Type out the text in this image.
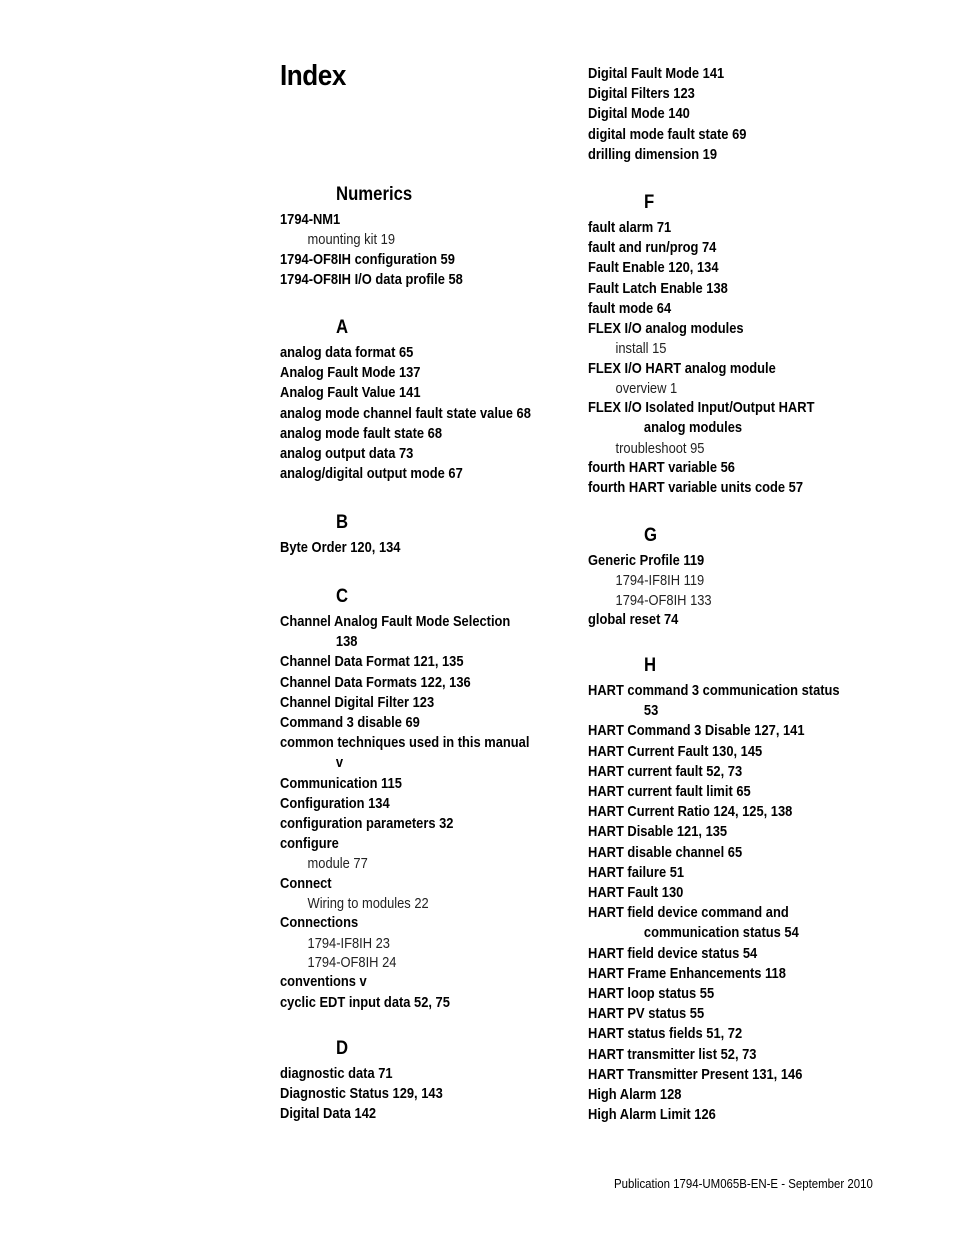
Index
Numerics
1794-NM1
mounting kit 19
1794-OF8IH configuration 59
1794-OF8IH I/O data profile 58
A
analog data format 65
Analog Fault Mode 137
Analog Fault Value 141
analog mode channel fault state value 68
analog mode fault state 68
analog output data 73
analog/digital output mode 67
B
Byte Order 120, 134
C
Channel Analog Fault Mode Selection
138
Channel Data Format 121, 135
Channel Data Formats 122, 136
Channel Digital Filter 123
Command 3 disable 69
common techniques used in this manual
v
Communication 115
Configuration 134
configuration parameters 32
configure
module 77
Connect
Wiring to modules 22
Connections
1794-IF8IH 23
1794-OF8IH 24
conventions v
cyclic EDT input data 52, 75
D
diagnostic data 71
Diagnostic Status 129, 143
Digital Data 142
Digital Fault Mode 141
Digital Filters 123
Digital Mode 140
digital mode fault state 69
drilling dimension 19
F
fault alarm 71
fault and run/prog 74
Fault Enable 120, 134
Fault Latch Enable 138
fault mode 64
FLEX I/O analog modules
install 15
FLEX I/O HART analog module
overview 1
FLEX I/O Isolated Input/Output HART
analog modules
troubleshoot 95
fourth HART variable 56
fourth HART variable units code 57
G
Generic Profile 119
1794-IF8IH 119
1794-OF8IH 133
global reset 74
H
HART command 3 communication status
53
HART Command 3 Disable 127, 141
HART Current Fault 130, 145
HART current fault 52, 73
HART current fault limit 65
HART Current Ratio 124, 125, 138
HART Disable 121, 135
HART disable channel 65
HART failure 51
HART Fault 130
HART field device command and
communication status 54
HART field device status 54
HART Frame Enhancements 118
HART loop status 55
HART PV status 55
HART status fields 51, 72
HART transmitter list 52, 73
HART Transmitter Present 131, 146
High Alarm 128
High Alarm Limit 126
Publication 1794-UM065B-EN-E - September 2010
